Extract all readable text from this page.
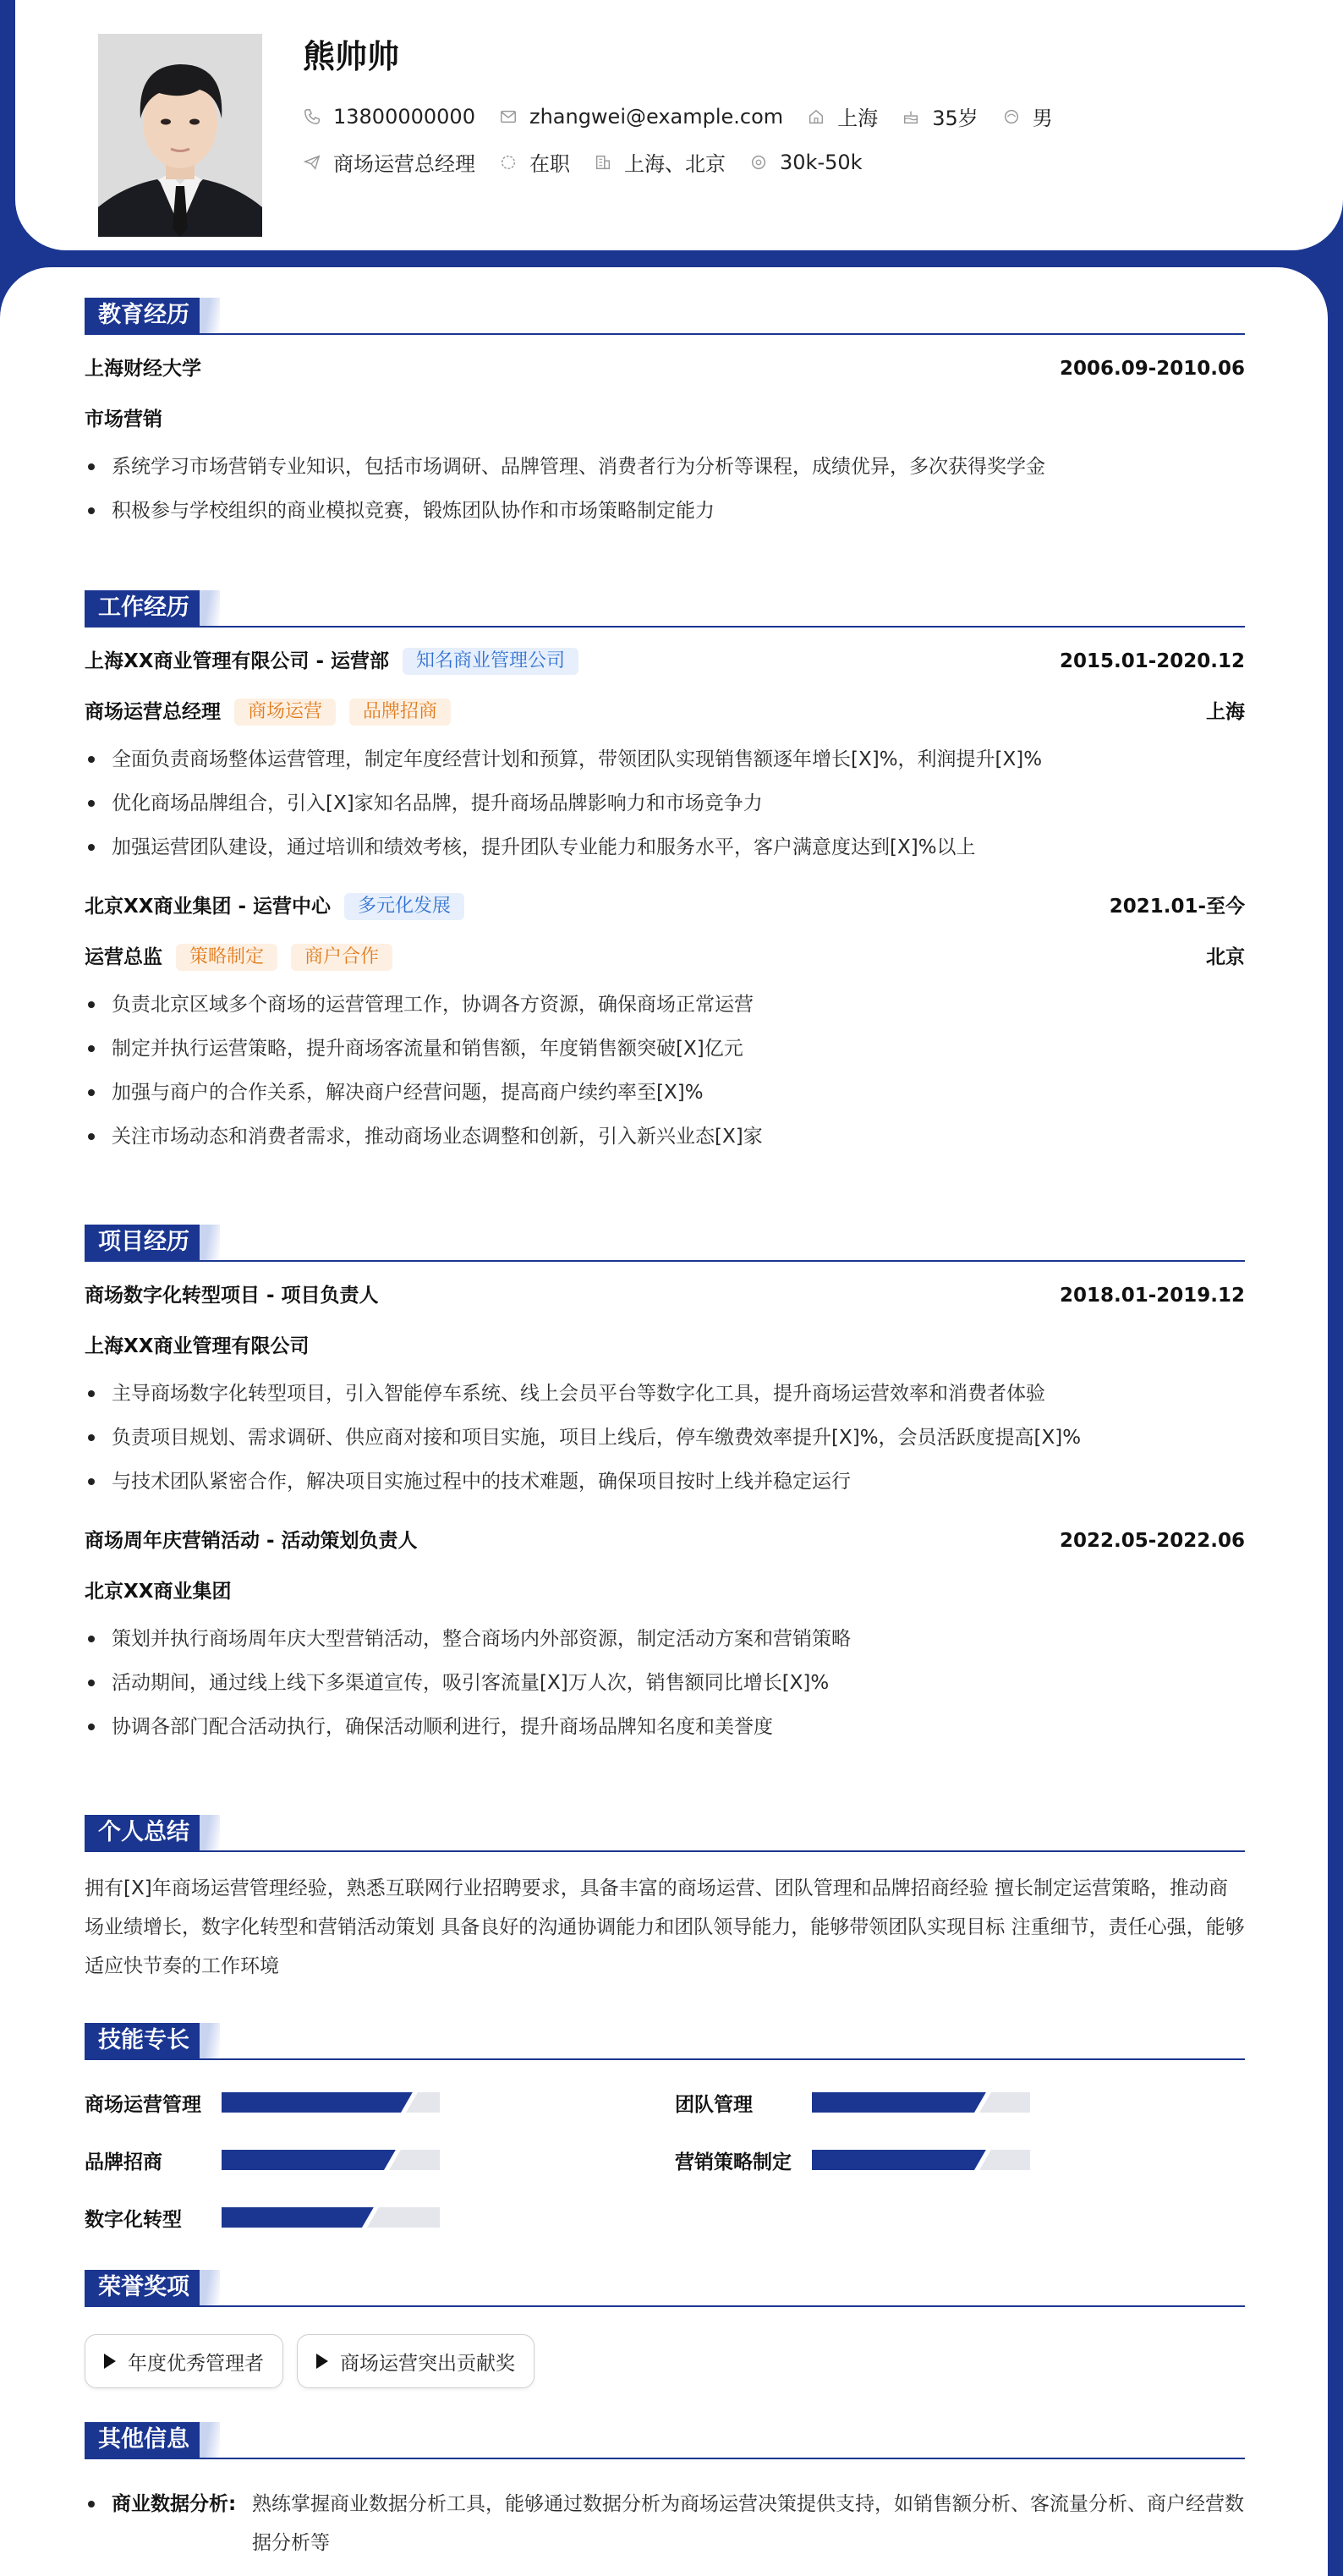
熊帅帅
13800000000	zhangwei@example.com	上海	35岁	男
商场运营总经理	在职	上海、北京	30k-50k
教育经历
上海财经大学	2006.09-2010.06
市场营销
系统学习市场营销专业知识，包括市场调研、品牌管理、消费者行为分析等课程，成绩优异，多次获得奖学金
积极参与学校组织的商业模拟竞赛，锻炼团队协作和市场策略制定能力
工作经历
上海XX商业管理有限公司 - 运营部	知名商业管理公司	2015.01-2020.12
商场运营总经理	商场运营	品牌招商	上海
全面负责商场整体运营管理，制定年度经营计划和预算，带领团队实现销售额逐年增长[X]%，利润提升[X]%
优化商场品牌组合，引入[X]家知名品牌，提升商场品牌影响力和市场竞争力
加强运营团队建设，通过培训和绩效考核，提升团队专业能力和服务水平，客户满意度达到[X]%以上
北京XX商业集团 - 运营中心	多元化发展	2021.01-至今
运营总监	策略制定	商户合作	北京
负责北京区域多个商场的运营管理工作，协调各方资源，确保商场正常运营
制定并执行运营策略，提升商场客流量和销售额，年度销售额突破[X]亿元
加强与商户的合作关系，解决商户经营问题，提高商户续约率至[X]%
关注市场动态和消费者需求，推动商场业态调整和创新，引入新兴业态[X]家
项目经历
商场数字化转型项目 - 项目负责人	2018.01-2019.12
上海XX商业管理有限公司
主导商场数字化转型项目，引入智能停车系统、线上会员平台等数字化工具，提升商场运营效率和消费者体验
负责项目规划、需求调研、供应商对接和项目实施，项目上线后，停车缴费效率提升[X]%，会员活跃度提高[X]%
与技术团队紧密合作，解决项目实施过程中的技术难题，确保项目按时上线并稳定运行
商场周年庆营销活动 - 活动策划负责人	2022.05-2022.06
北京XX商业集团
策划并执行商场周年庆大型营销活动，整合商场内外部资源，制定活动方案和营销策略
活动期间，通过线上线下多渠道宣传，吸引客流量[X]万人次，销售额同比增长[X]%
协调各部门配合活动执行，确保活动顺利进行，提升商场品牌知名度和美誉度
个人总结

拥有[X]年商场运营管理经验，熟悉互联网行业招聘要求，具备丰富的商场运营、团队管理和品牌招商经验 擅长制定运营策略，推动商场业绩增长，数字化转型和营销活动策划 具备良好的沟通协调能力和团队领导能力，能够带领团队实现目标 注重细节，责任心强，能够适应快节奏的工作环境

技能专长
商场运营管理	团队管理
品牌招商	营销策略制定
数字化转型
荣誉奖项
年度优秀管理者	商场运营突出贡献奖
其他信息
商业数据分析: 熟练掌握商业数据分析工具，能够通过数据分析为商场运营决策提供支持，如销售额分析、客流量分析、商户经营数据分析等
